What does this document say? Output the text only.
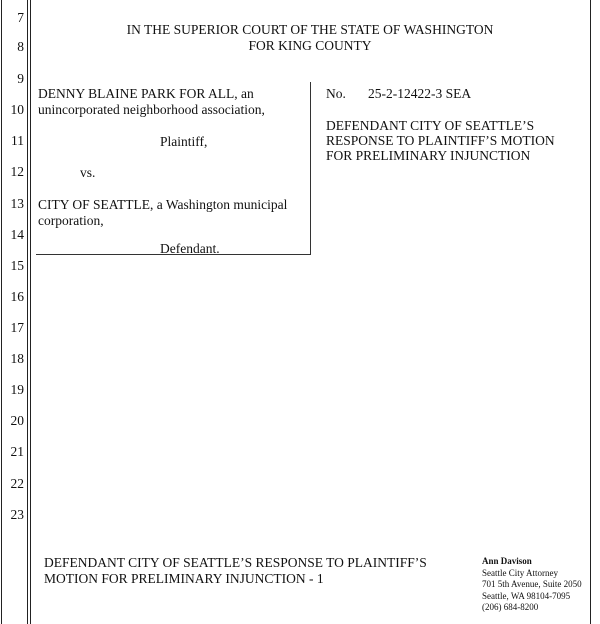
7
8
9
10
11
12
13
14
15
16
17
18
19
20
21
22
23
IN THE SUPERIOR COURT OF THE STATE OF WASHINGTON
FOR KING COUNTY
DENNY BLAINE PARK FOR ALL, an
unincorporated neighborhood association,
Plaintiff,
vs.
CITY OF SEATTLE, a Washington municipal
corporation,
Defendant.
No. 25-2-12422-3 SEA
DEFENDANT CITY OF SEATTLE’S
RESPONSE TO PLAINTIFF’S MOTION
FOR PRELIMINARY INJUNCTION
DEFENDANT CITY OF SEATTLE’S RESPONSE TO PLAINTIFF’S
MOTION FOR PRELIMINARY INJUNCTION - 1
Ann Davison
Seattle City Attorney
701 5th Avenue, Suite 2050
Seattle, WA 98104-7095
(206) 684-8200
